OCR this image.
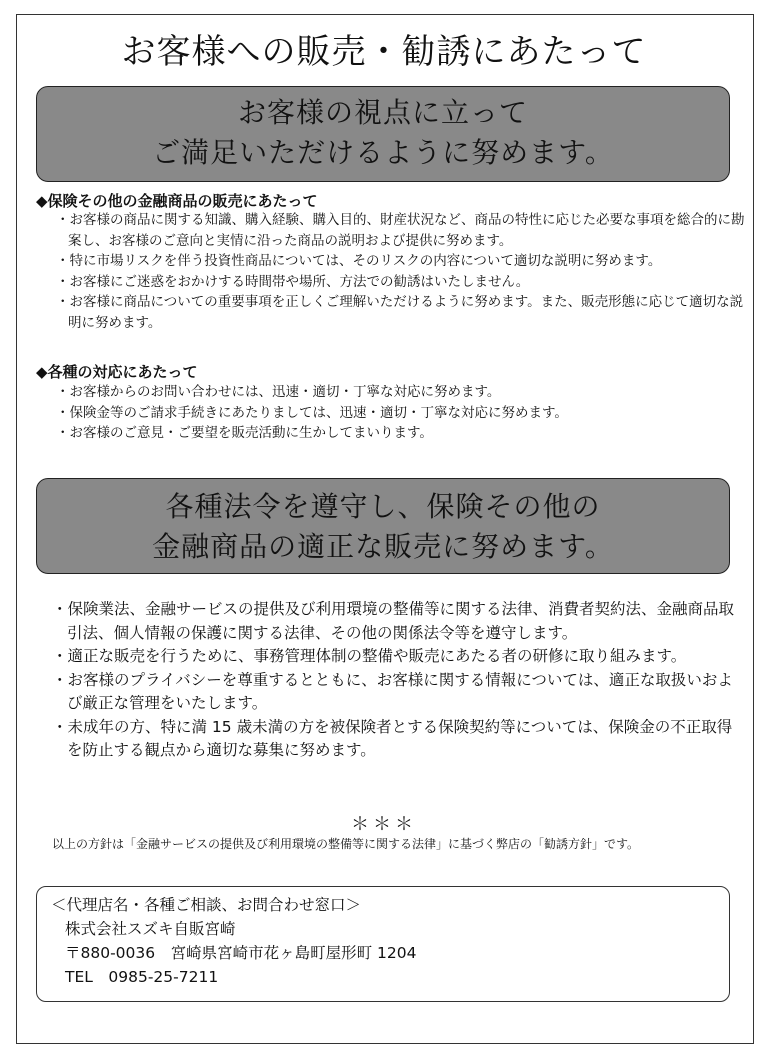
お客様への販売・勧誘にあたって
お客様の視点に立って
ご満足いただけるように努めます。
◆保険その他の金融商品の販売にあたって
・お客様の商品に関する知識、購入経験、購入目的、財産状況など、商品の特性に応じた必要な事項を総合的に勘案し、お客様のご意向と実情に沿った商品の説明および提供に努めます。
・特に市場リスクを伴う投資性商品については、そのリスクの内容について適切な説明に努めます。
・お客様にご迷惑をおかけする時間帯や場所、方法での勧誘はいたしません。
・お客様に商品についての重要事項を正しくご理解いただけるように努めます。また、販売形態に応じて適切な説明に努めます。
◆各種の対応にあたって
・お客様からのお問い合わせには、迅速・適切・丁寧な対応に努めます。
・保険金等のご請求手続きにあたりましては、迅速・適切・丁寧な対応に努めます。
・お客様のご意見・ご要望を販売活動に生かしてまいります。
各種法令を遵守し、保険その他の
金融商品の適正な販売に努めます。
・保険業法、金融サービスの提供及び利用環境の整備等に関する法律、消費者契約法、金融商品取引法、個人情報の保護に関する法律、その他の関係法令等を遵守します。
・適正な販売を行うために、事務管理体制の整備や販売にあたる者の研修に取り組みます。
・お客様のプライバシーを尊重するとともに、お客様に関する情報については、適正な取扱いおよび厳正な管理をいたします。
・未成年の方、特に満 15 歳未満の方を被保険者とする保険契約等については、保険金の不正取得を防止する観点から適切な募集に努めます。
＊＊＊
以上の方針は「金融サービスの提供及び利用環境の整備等に関する法律」に基づく弊店の「勧誘方針」です。
＜代理店名・各種ご相談、お問合わせ窓口＞
株式会社スズキ自販宮崎
〒880-0036　宮崎県宮崎市花ヶ島町屋形町 1204
TEL　0985-25-7211
